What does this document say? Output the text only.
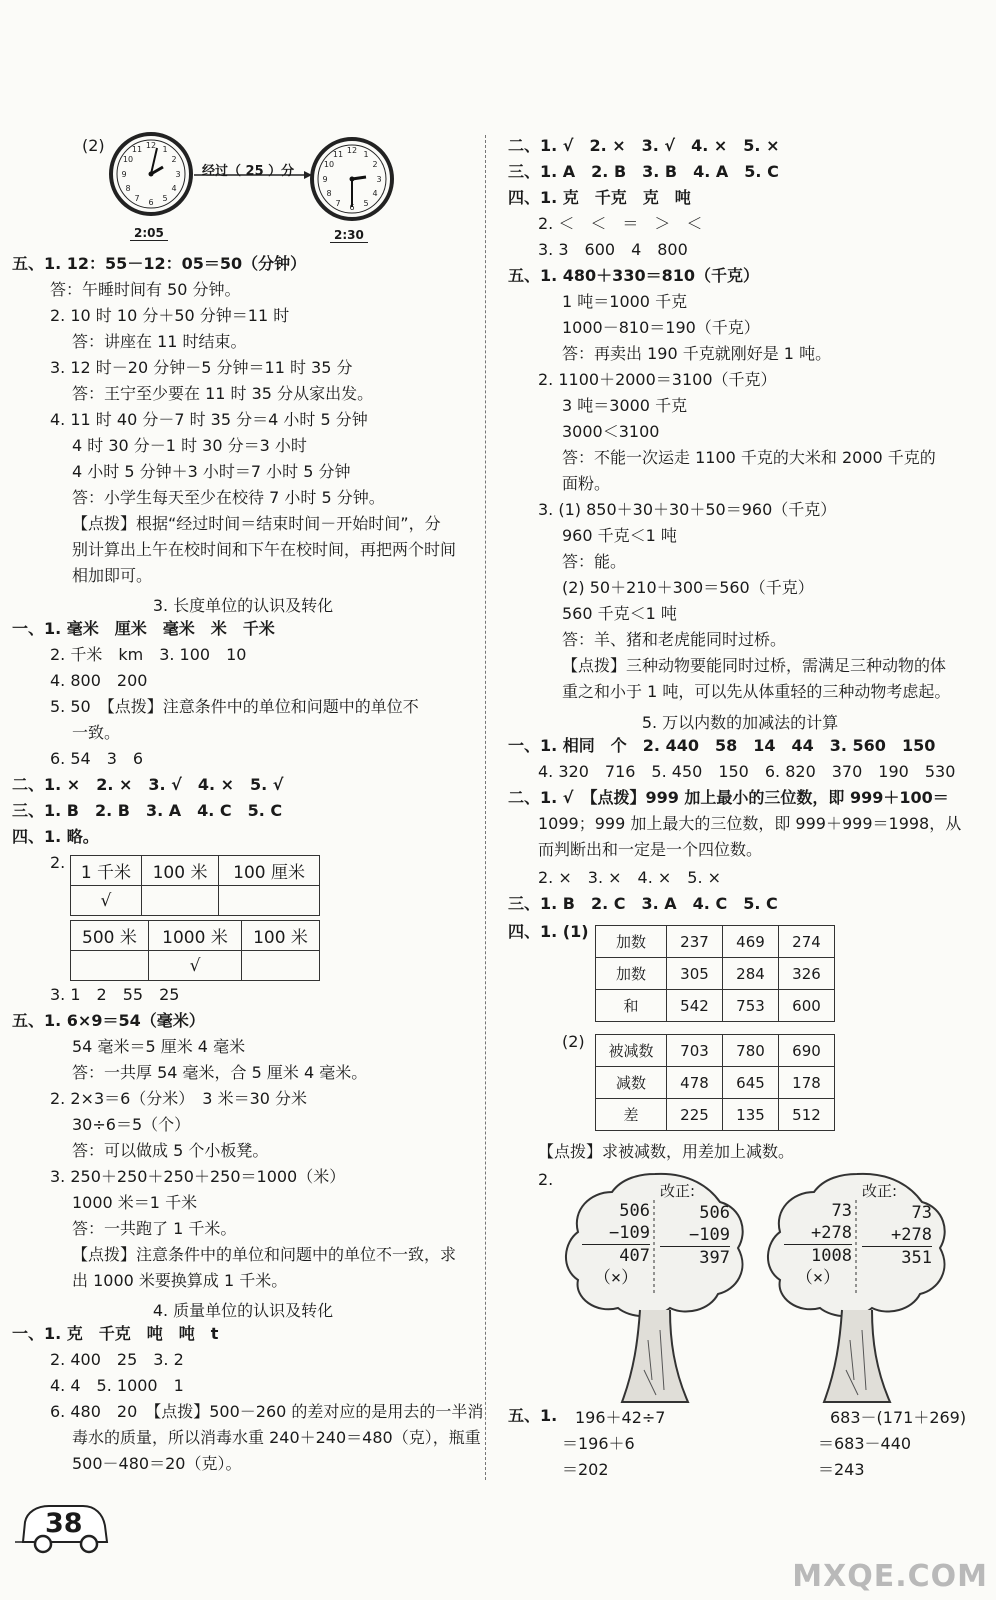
(2)	12 1
2
3
4
5
6
7
8
9
10
11
经过（ 25 ）分
12 1
2
3
4
5
6
7
8
9
10
11
2:05	2:30
五、1. 12：55－12：05＝50（分钟）
答：午睡时间有 50 分钟。
2. 10 时 10 分＋50 分钟＝11 时
答：讲座在 11 时结束。
3. 12 时－20 分钟－5 分钟＝11 时 35 分
答：王宁至少要在 11 时 35 分从家出发。
4. 11 时 40 分－7 时 35 分＝4 小时 5 分钟
4 时 30 分－1 时 30 分＝3 小时
4 小时 5 分钟＋3 小时＝7 小时 5 分钟
答：小学生每天至少在校待 7 小时 5 分钟。
【点拨】根据“经过时间＝结束时间－开始时间”，分
别计算出上午在校时间和下午在校时间，再把两个时间
相加即可。
3. 长度单位的认识及转化
一、1. 毫米　厘米　毫米　米　千米
2. 千米　km　3. 100　10
4. 800　200
5. 50　【点拨】注意条件中的单位和问题中的单位不
一致。
6. 54　3　6
二、1. ×　2. ×　3. √　4. ×　5. √
三、1. B　2. B　3. A　4. C　5. C
四、1. 略。
2.
1 千米	100 米	100 厘米
√		
500 米	1000 米	100 米
	√	
3. 1　2　55　25
五、1. 6×9＝54（毫米）
54 毫米＝5 厘米 4 毫米
答：一共厚 54 毫米，合 5 厘米 4 毫米。
2. 2×3＝6（分米）　3 米＝30 分米
30÷6＝5（个）
答：可以做成 5 个小板凳。
3. 250＋250＋250＋250＝1000（米）
1000 米＝1 千米
答：一共跑了 1 千米。
【点拨】注意条件中的单位和问题中的单位不一致，求
出 1000 米要换算成 1 千米。
4. 质量单位的认识及转化
一、1. 克　千克　吨　吨　t
2. 400　25　3. 2
4. 4　5. 1000　1
6. 480　20　【点拨】500－260 的差对应的是用去的一半消
毒水的质量，所以消毒水重 240＋240＝480（克），瓶重
500－480＝20（克）。
二、1. √　2. ×　3. √　4. ×　5. ×
三、1. A　2. B　3. B　4. A　5. C
四、1. 克　千克　克　吨
2. ＜　＜　＝　＞　＜
3. 3　600　4　800
五、1. 480＋330＝810（千克）
1 吨＝1000 千克
1000－810＝190（千克）
答：再卖出 190 千克就刚好是 1 吨。
2. 1100＋2000＝3100（千克）
3 吨＝3000 千克
3000＜3100
答：不能一次运走 1100 千克的大米和 2000 千克的
面粉。
3. (1) 850＋30＋30＋50＝960（千克）
960 千克＜1 吨
答：能。
(2) 50＋210＋300＝560（千克）
560 千克＜1 吨
答：羊、猪和老虎能同时过桥。
【点拨】三种动物要能同时过桥，需满足三种动物的体
重之和小于 1 吨，可以先从体重轻的三种动物考虑起。
5. 万以内数的加减法的计算
一、1. 相同　个　2. 440　58　14　44　3. 560　150
4. 320　716　5. 450　150　6. 820　370　190　530
二、1. √　【点拨】999 加上最小的三位数，即 999＋100＝
1099；999 加上最大的三位数，即 999＋999＝1998，从
而判断出和一定是一个四位数。
2. ×　3. ×　4. ×　5. ×
三、1. B　2. C　3. A　4. C　5. C
四、1. (1)
加数	237	469	274
加数	305	284	326
和	542	753	600
(2) 被减数	703	780	690
减数	478	645	178
差	225	135	512
【点拨】求被减数，用差加上减数。
2.
506
−109
407
（×）
改正:
506
−109
397
73
+278
1008
（×）
改正:
73
+278
351
五、1. 196＋42÷7
＝196＋6
＝202
683－(171＋269)
＝683－440
＝243
38
MXQE.COM
